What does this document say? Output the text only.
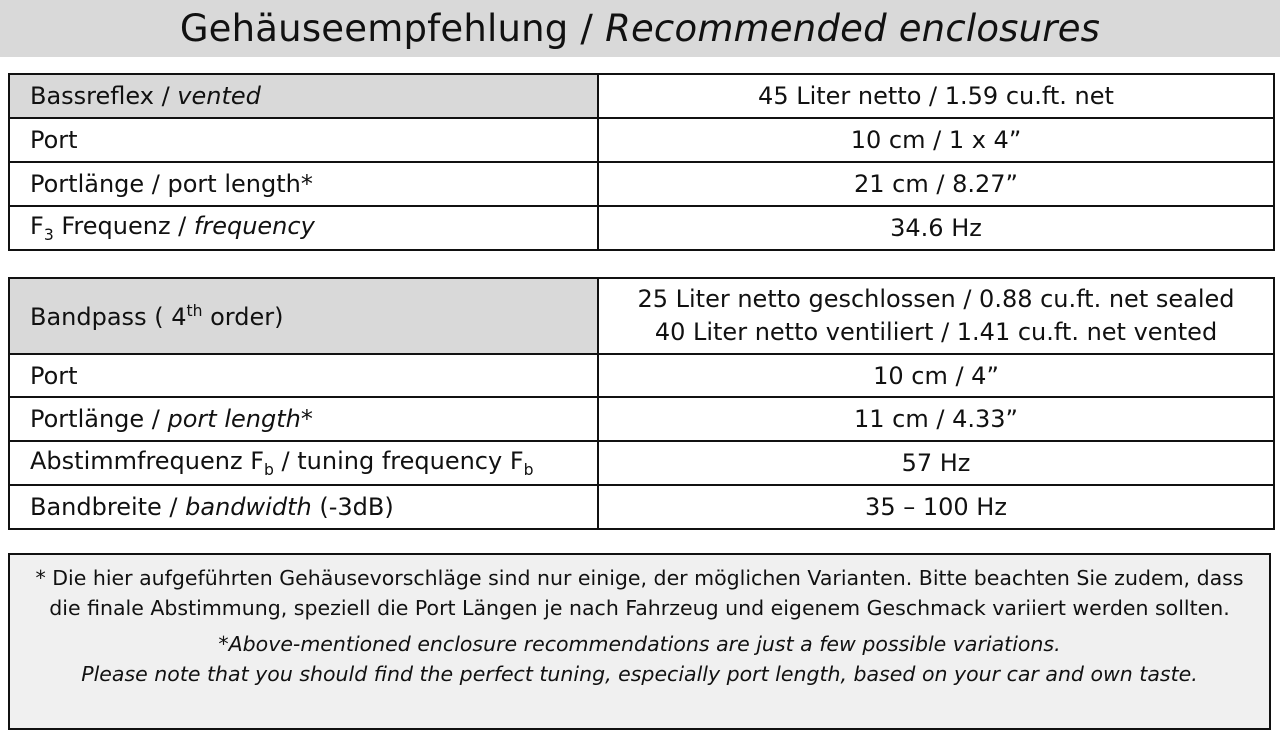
Gehäuseempfehlung / Recommended enclosures
Bassreflex / vented	45 Liter netto / 1.59 cu.ft. net
Port	10 cm / 1 x 4”
Portlänge / port length*	21 cm / 8.27”
$F_3$ Frequenz / frequency	34.6 Hz
Bandpass ( 4th order)	25 Liter netto geschlossen / 0.88 cu.ft. net sealed
40 Liter netto ventiliert / 1.41 cu.ft. net vented

Port	10 cm / 4”
Portlänge / port length*	11 cm / 4.33”
Abstimmfrequenz $F_b$ / tuning frequency $F_b$	57 Hz
Bandbreite / bandwidth (-3dB)	35 – 100 Hz

* Die hier aufgeführten Gehäusevorschläge sind nur einige, der möglichen Varianten. Bitte beachten Sie zudem, dass die finale Abstimmung, speziell die Port Längen je nach Fahrzeug und eigenem Geschmack variiert werden sollten.

*Above-mentioned enclosure recommendations are just a few possible variations.
Please note that you should find the perfect tuning, especially port length, based on your car and own taste.
